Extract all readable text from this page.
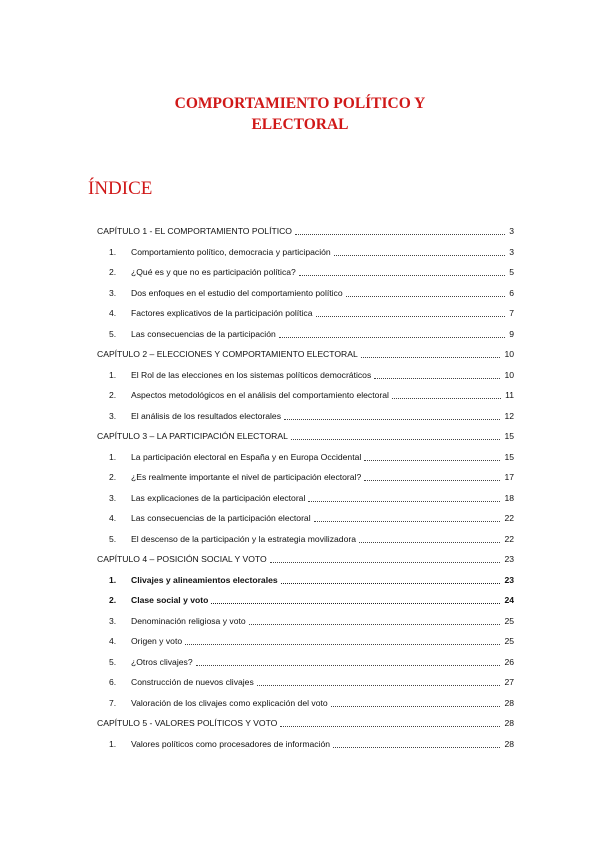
COMPORTAMIENTO POLÍTICO Y
ELECTORAL
ÍNDICE
CAPÍTULO 1 - EL COMPORTAMIENTO POLÍTICO	3
1.	Comportamiento político, democracia y participación	3
2.	¿Qué es y que no es participación política?	5
3.	Dos enfoques en el estudio del comportamiento político	6
4.	Factores explicativos de la participación política	7
5.	Las consecuencias de la participación	9
CAPÍTULO 2 – ELECCIONES Y COMPORTAMIENTO ELECTORAL	10
1.	El Rol de las elecciones en los sistemas políticos democráticos	10
2.	Aspectos metodológicos en el análisis del comportamiento electoral	11
3.	El análisis de los resultados electorales	12
CAPÍTULO 3 – LA PARTICIPACIÓN ELECTORAL	15
1.	La participación electoral en España y en Europa Occidental	15
2.	¿Es realmente importante el nivel de participación electoral?	17
3.	Las explicaciones de la participación electoral	18
4.	Las consecuencias de la participación electoral	22
5.	El descenso de la participación y la estrategia movilizadora	22
CAPÍTULO 4 – POSICIÓN SOCIAL Y VOTO	23
1.	Clivajes y alineamientos electorales	23
2.	Clase social y voto	24
3.	Denominación religiosa y voto	25
4.	Origen y voto	25
5.	¿Otros clivajes?	26
6.	Construcción de nuevos clivajes	27
7.	Valoración de los clivajes como explicación del voto	28
CAPÍTULO 5 - VALORES POLÍTICOS Y VOTO	28
1.	Valores políticos como procesadores de información	28
